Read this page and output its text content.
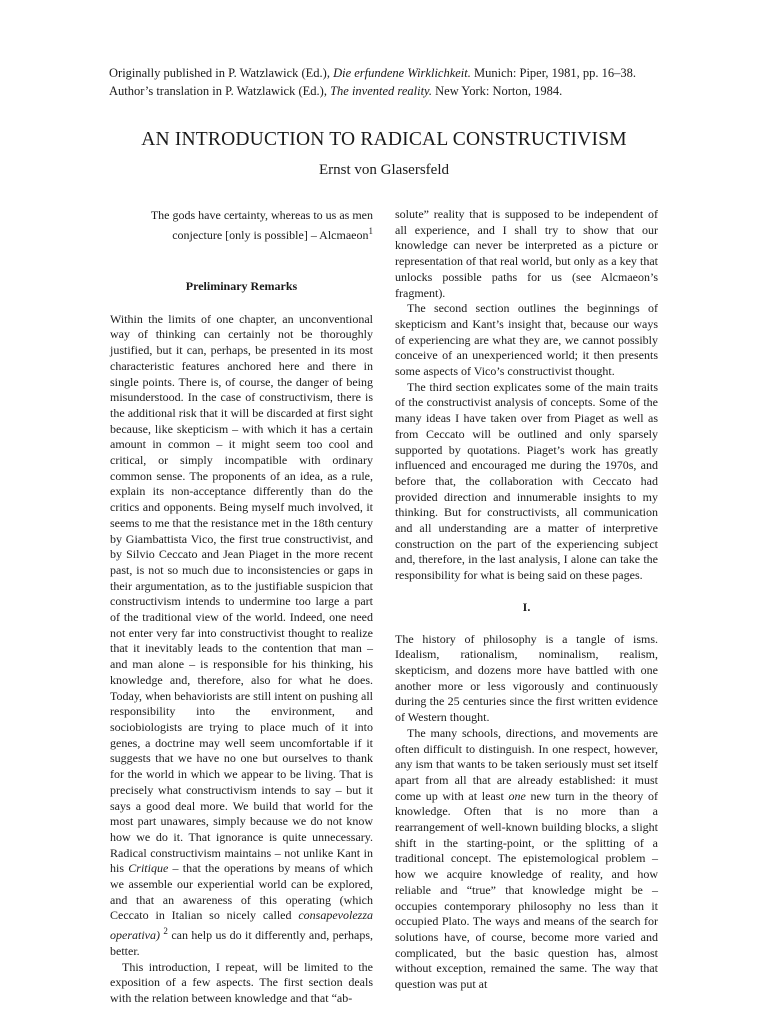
Originally published in P. Watzlawick (Ed.), Die erfundene Wirklichkeit. Munich: Piper, 1981, pp. 16–38.
Author’s translation in P. Watzlawick (Ed.), The invented reality. New York: Norton, 1984.
AN INTRODUCTION TO RADICAL CONSTRUCTIVISM
Ernst von Glasersfeld
The gods have certainty, whereas to us as men
conjecture [only is possible] – Alcmaeon$^1$
Preliminary Remarks

Within the limits of one chapter, an unconventional way of thinking can certainly not be thoroughly justified, but it can, perhaps, be presented in its most characteristic features anchored here and there in single points. There is, of course, the danger of being misunderstood. In the case of constructivism, there is the additional risk that it will be discarded at first sight because, like skepticism – with which it has a certain amount in common – it might seem too cool and critical, or simply incompatible with ordinary common sense. The proponents of an idea, as a rule, explain its non-acceptance differently than do the critics and opponents. Being myself much involved, it seems to me that the resistance met in the 18th century by Giambattista Vico, the first true constructivist, and by Silvio Ceccato and Jean Piaget in the more recent past, is not so much due to inconsistencies or gaps in their argumentation, as to the justifiable suspicion that constructivism intends to undermine too large a part of the traditional view of the world. Indeed, one need not enter very far into constructivist thought to realize that it inevitably leads to the contention that man – and man alone – is responsible for his thinking, his knowledge and, therefore, also for what he does. Today, when behaviorists are still intent on pushing all responsibility into the environment, and sociobiologists are trying to place much of it into genes, a doctrine may well seem uncomfortable if it suggests that we have no one but ourselves to thank for the world in which we appear to be living. That is precisely what constructivism intends to say – but it says a good deal more. We build that world for the most part unawares, simply because we do not know how we do it. That ignorance is quite unnecessary. Radical constructivism maintains – not unlike Kant in his Critique – that the operations by means of which we assemble our experiential world can be explored, and that an awareness of this operating (which Ceccato in Italian so nicely called consapevolezza operativa) $^2$ can help us do it differently and, perhaps, better.

This introduction, I repeat, will be limited to the exposition of a few aspects. The first section deals with the relation between knowledge and that “ab-

solute” reality that is supposed to be independent of all experience, and I shall try to show that our knowledge can never be interpreted as a picture or representation of that real world, but only as a key that unlocks possible paths for us (see Alcmaeon’s fragment).

The second section outlines the beginnings of skepticism and Kant’s insight that, because our ways of experiencing are what they are, we cannot possibly conceive of an unexperienced world; it then presents some aspects of Vico’s constructivist thought.

The third section explicates some of the main traits of the constructivist analysis of concepts. Some of the many ideas I have taken over from Piaget as well as from Ceccato will be outlined and only sparsely supported by quotations. Piaget’s work has greatly influenced and encouraged me during the 1970s, and before that, the collaboration with Ceccato had provided direction and innumerable insights to my thinking. But for constructivists, all communication and all understanding are a matter of interpretive construction on the part of the experiencing subject and, therefore, in the last analysis, I alone can take the responsibility for what is being said on these pages.

I.

The history of philosophy is a tangle of isms. Idealism, rationalism, nominalism, realism, skepticism, and dozens more have battled with one another more or less vigorously and continuously during the 25 centuries since the first written evidence of Western thought.

The many schools, directions, and movements are often difficult to distinguish. In one respect, however, any ism that wants to be taken seriously must set itself apart from all that are already established: it must come up with at least one new turn in the theory of knowledge. Often that is no more than a rearrangement of well-known building blocks, a slight shift in the starting-point, or the splitting of a traditional concept. The epistemological problem – how we acquire knowledge of reality, and how reliable and “true” that knowledge might be – occupies contemporary philosophy no less than it occupied Plato. The ways and means of the search for solutions have, of course, become more varied and complicated, but the basic question has, almost without exception, remained the same. The way that question was put at
